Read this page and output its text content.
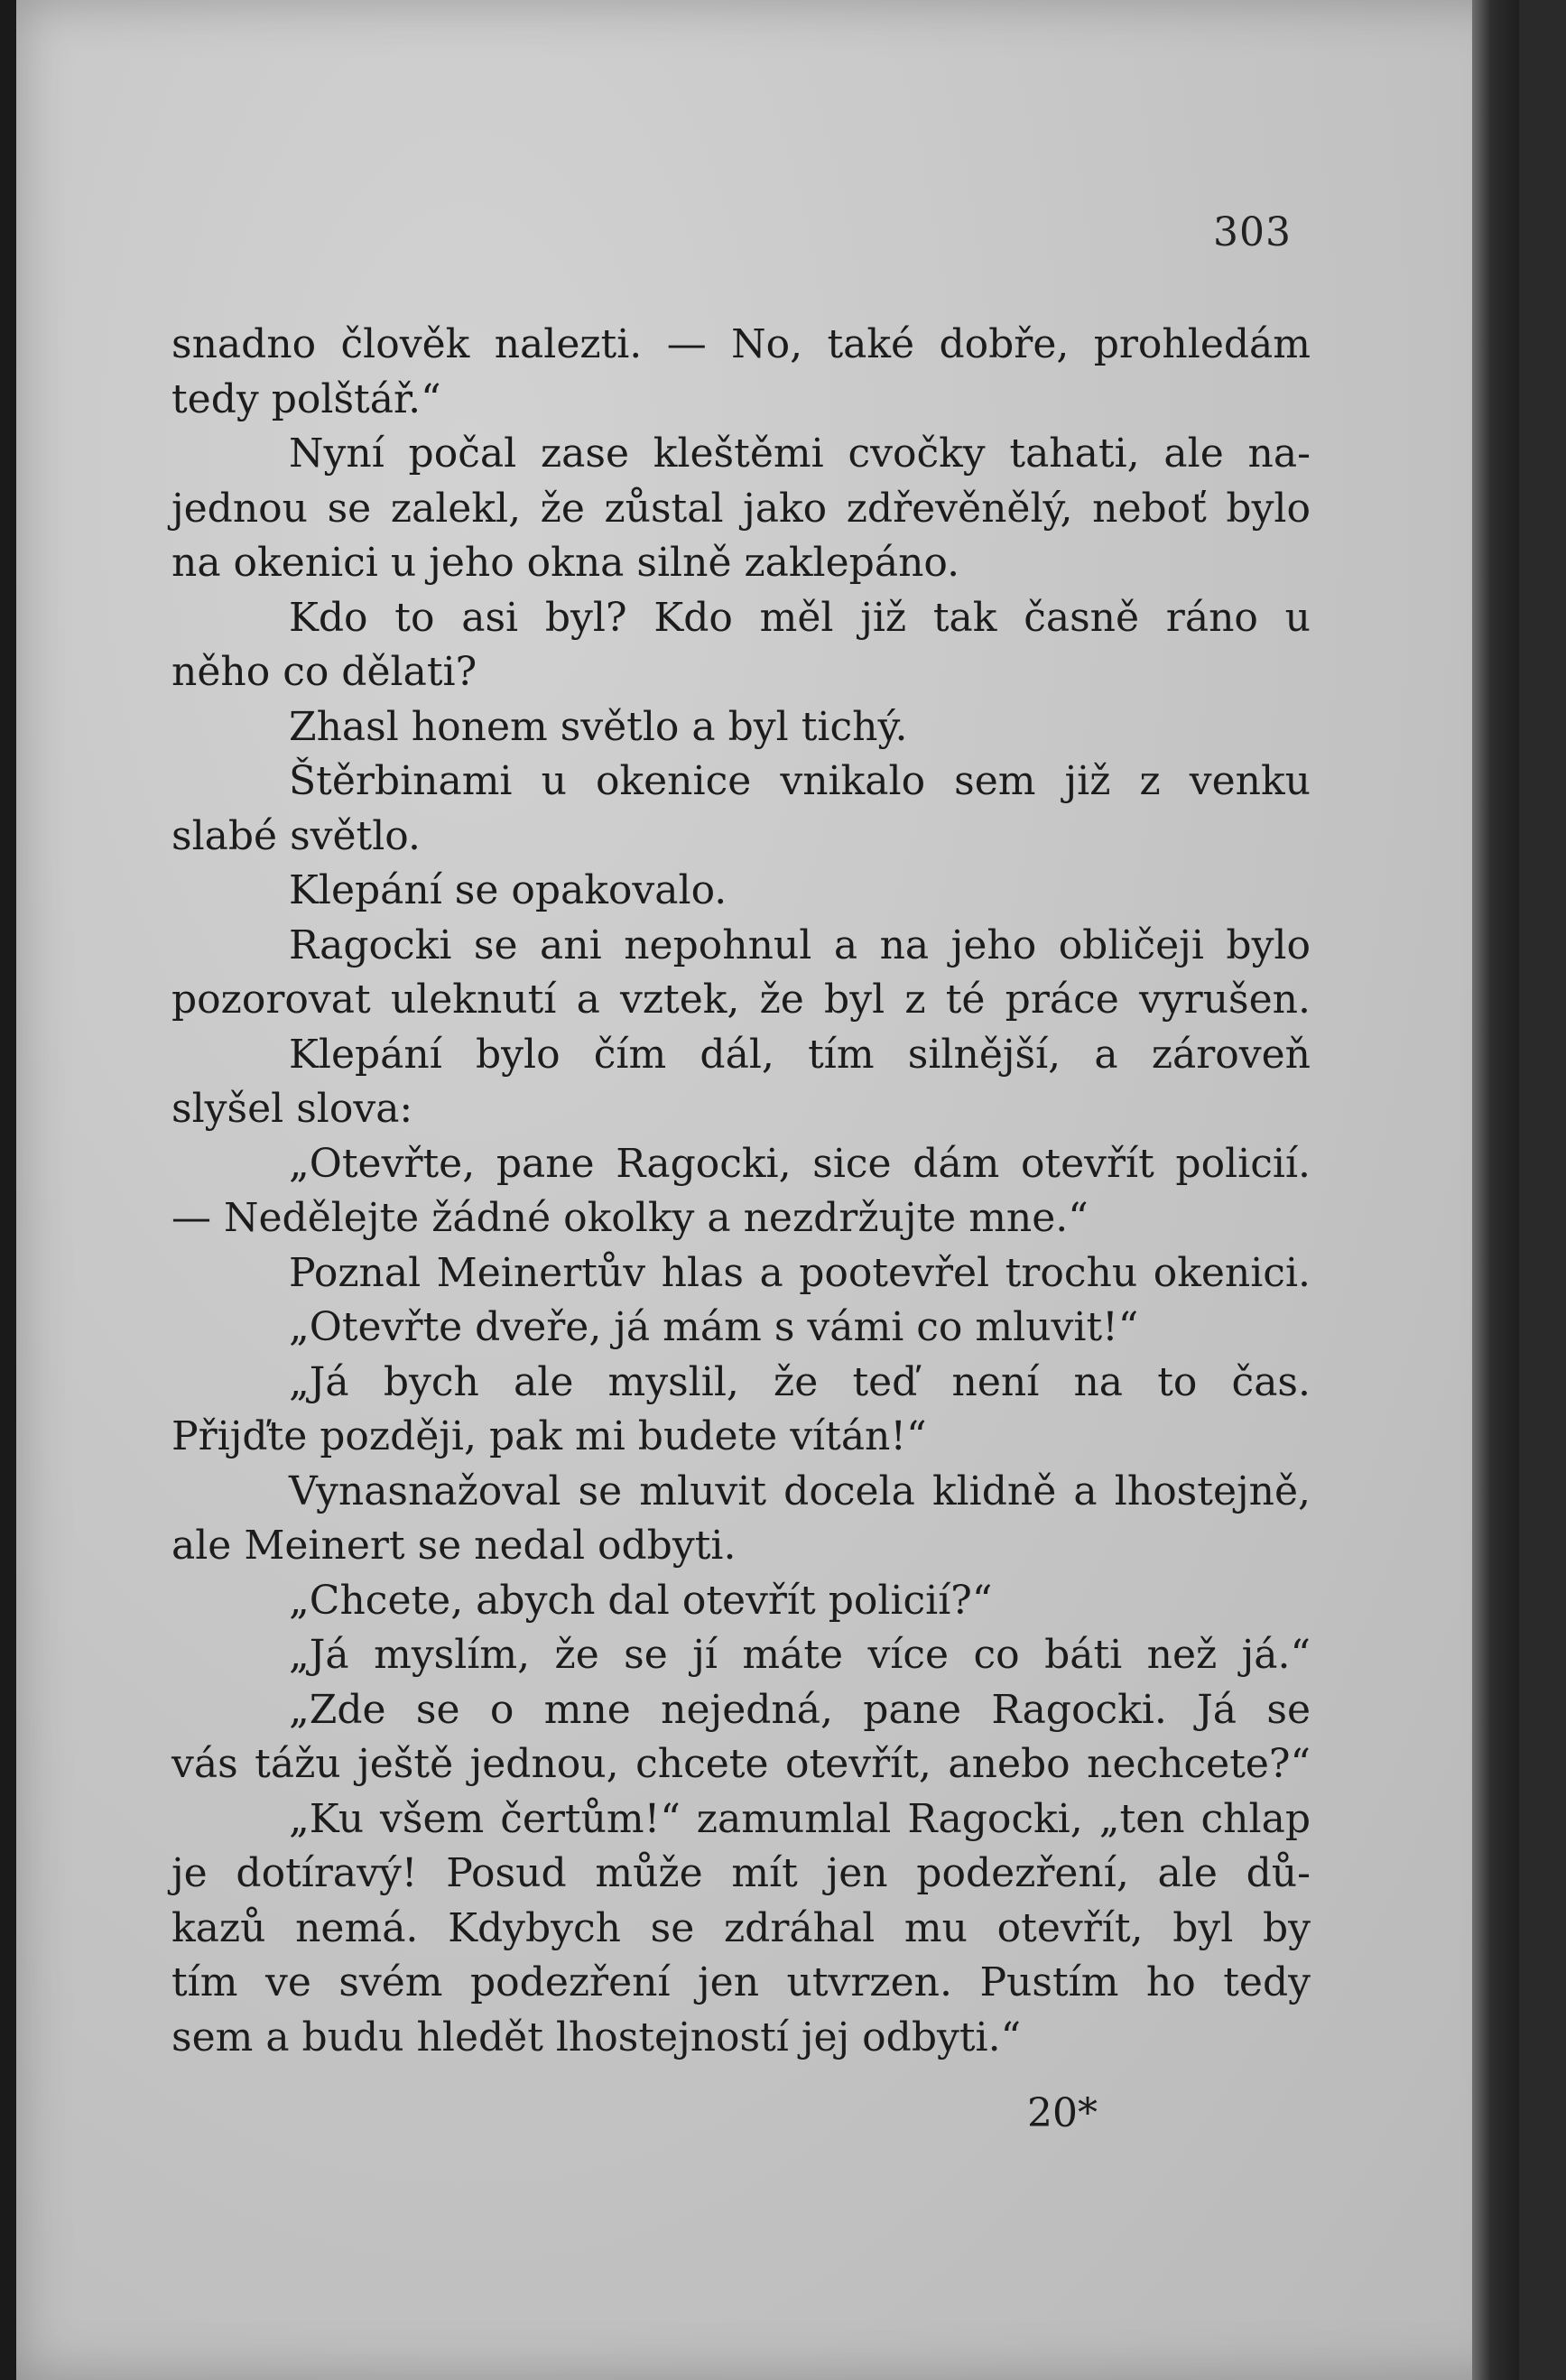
303
snadno člověk nalezti. — No, také dobře, prohledám
tedy polštář.“
Nyní počal zase kleštěmi cvočky tahati, ale na-
jednou se zalekl, že zůstal jako zdřevěnělý, neboť bylo
na okenici u jeho okna silně zaklepáno.
Kdo to asi byl? Kdo měl již tak časně ráno u
něho co dělati?
Zhasl honem světlo a byl tichý.
Štěrbinami u okenice vnikalo sem již z venku
slabé světlo.
Klepání se opakovalo.
Ragocki se ani nepohnul a na jeho obličeji bylo
pozorovat uleknutí a vztek, že byl z té práce vyrušen.
Klepání bylo čím dál, tím silnější, a zároveň
slyšel slova:
„Otevřte, pane Ragocki, sice dám otevřít policií.
— Nedělejte žádné okolky a nezdržujte mne.“
Poznal Meinertův hlas a pootevřel trochu okenici.
„Otevřte dveře, já mám s vámi co mluvit!“
„Já bych ale myslil, že teď není na to čas.
Přijďte později, pak mi budete vítán!“
Vynasnažoval se mluvit docela klidně a lhostejně,
ale Meinert se nedal odbyti.
„Chcete, abych dal otevřít policií?“
„Já myslím, že se jí máte více co báti než já.“
„Zde se o mne nejedná, pane Ragocki. Já se
vás tážu ještě jednou, chcete otevřít, anebo nechcete?“
„Ku všem čertům!“ zamumlal Ragocki, „ten chlap
je dotíravý! Posud může mít jen podezření, ale dů-
kazů nemá. Kdybych se zdráhal mu otevřít, byl by
tím ve svém podezření jen utvrzen. Pustím ho tedy
sem a budu hledět lhostejností jej odbyti.“
20*
